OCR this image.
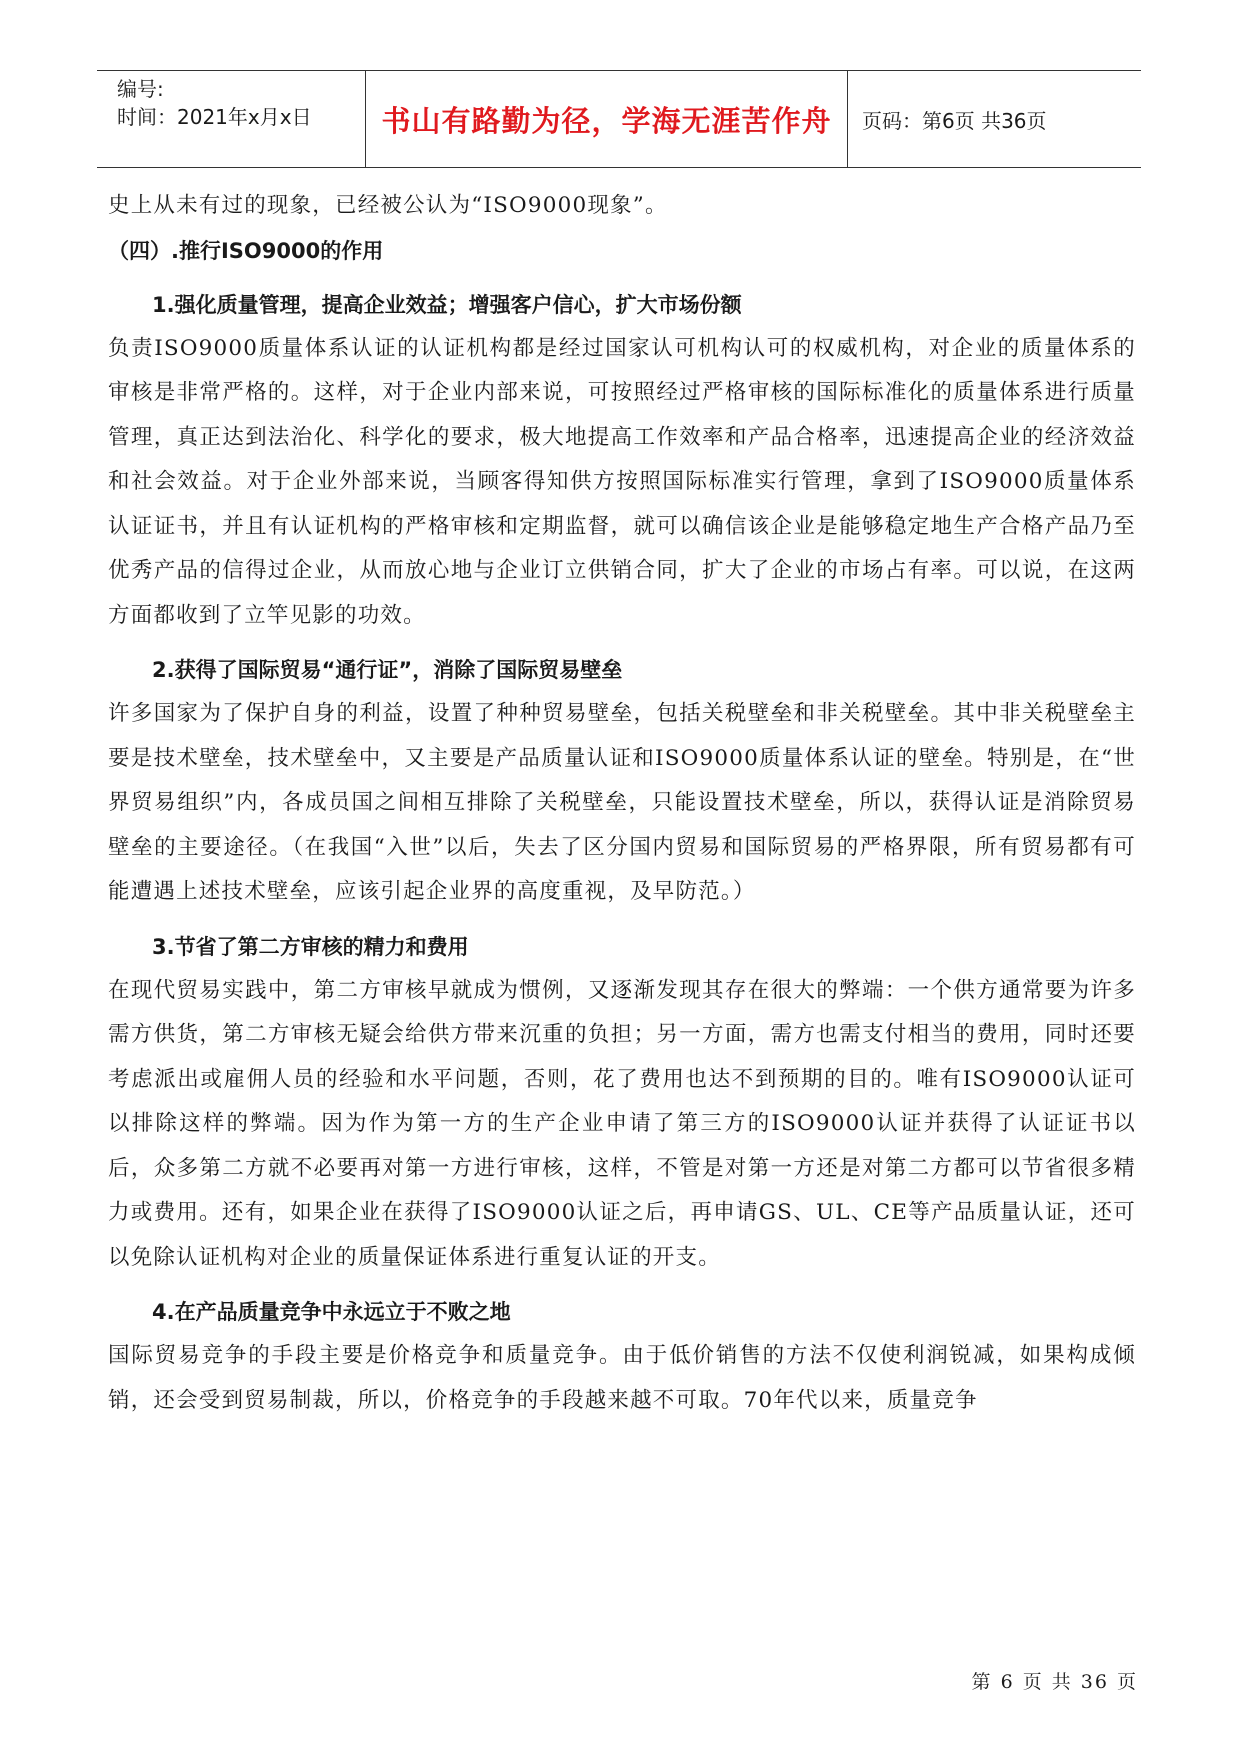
编号:
时间：2021年x月x日	书山有路勤为径，学海无涯苦作舟	页码：第6页 共36页

史上从未有过的现象，已经被公认为“ISO9000现象”。

（四）.推行ISO9000的作用

1.强化质量管理，提高企业效益；增强客户信心，扩大市场份额

负责ISO9000质量体系认证的认证机构都是经过国家认可机构认可的权威机构，对企业的质量体系的审核是非常严格的。这样，对于企业内部来说，可按照经过严格审核的国际标准化的质量体系进行质量管理，真正达到法治化、科学化的要求，极大地提高工作效率和产品合格率，迅速提高企业的经济效益和社会效益。对于企业外部来说，当顾客得知供方按照国际标准实行管理，拿到了ISO9000质量体系认证证书，并且有认证机构的严格审核和定期监督，就可以确信该企业是能够稳定地生产合格产品乃至优秀产品的信得过企业，从而放心地与企业订立供销合同，扩大了企业的市场占有率。可以说，在这两方面都收到了立竿见影的功效。

2.获得了国际贸易“通行证”，消除了国际贸易壁垒

许多国家为了保护自身的利益，设置了种种贸易壁垒，包括关税壁垒和非关税壁垒。其中非关税壁垒主要是技术壁垒，技术壁垒中，又主要是产品质量认证和ISO9000质量体系认证的壁垒。特别是，在“世界贸易组织”内，各成员国之间相互排除了关税壁垒，只能设置技术壁垒，所以，获得认证是消除贸易壁垒的主要途径。（在我国“入世”以后，失去了区分国内贸易和国际贸易的严格界限，所有贸易都有可能遭遇上述技术壁垒，应该引起企业界的高度重视，及早防范。）

3.节省了第二方审核的精力和费用

在现代贸易实践中，第二方审核早就成为惯例，又逐渐发现其存在很大的弊端：一个供方通常要为许多需方供货，第二方审核无疑会给供方带来沉重的负担；另一方面，需方也需支付相当的费用，同时还要考虑派出或雇佣人员的经验和水平问题，否则，花了费用也达不到预期的目的。唯有ISO9000认证可以排除这样的弊端。因为作为第一方的生产企业申请了第三方的ISO9000认证并获得了认证证书以后，众多第二方就不必要再对第一方进行审核，这样，不管是对第一方还是对第二方都可以节省很多精力或费用。还有，如果企业在获得了ISO9000认证之后，再申请GS、UL、CE等产品质量认证，还可以免除认证机构对企业的质量保证体系进行重复认证的开支。

4.在产品质量竞争中永远立于不败之地

国际贸易竞争的手段主要是价格竞争和质量竞争。由于低价销售的方法不仅使利润锐减，如果构成倾销，还会受到贸易制裁，所以，价格竞争的手段越来越不可取。70年代以来，质量竞争

第 6 页 共 36 页
